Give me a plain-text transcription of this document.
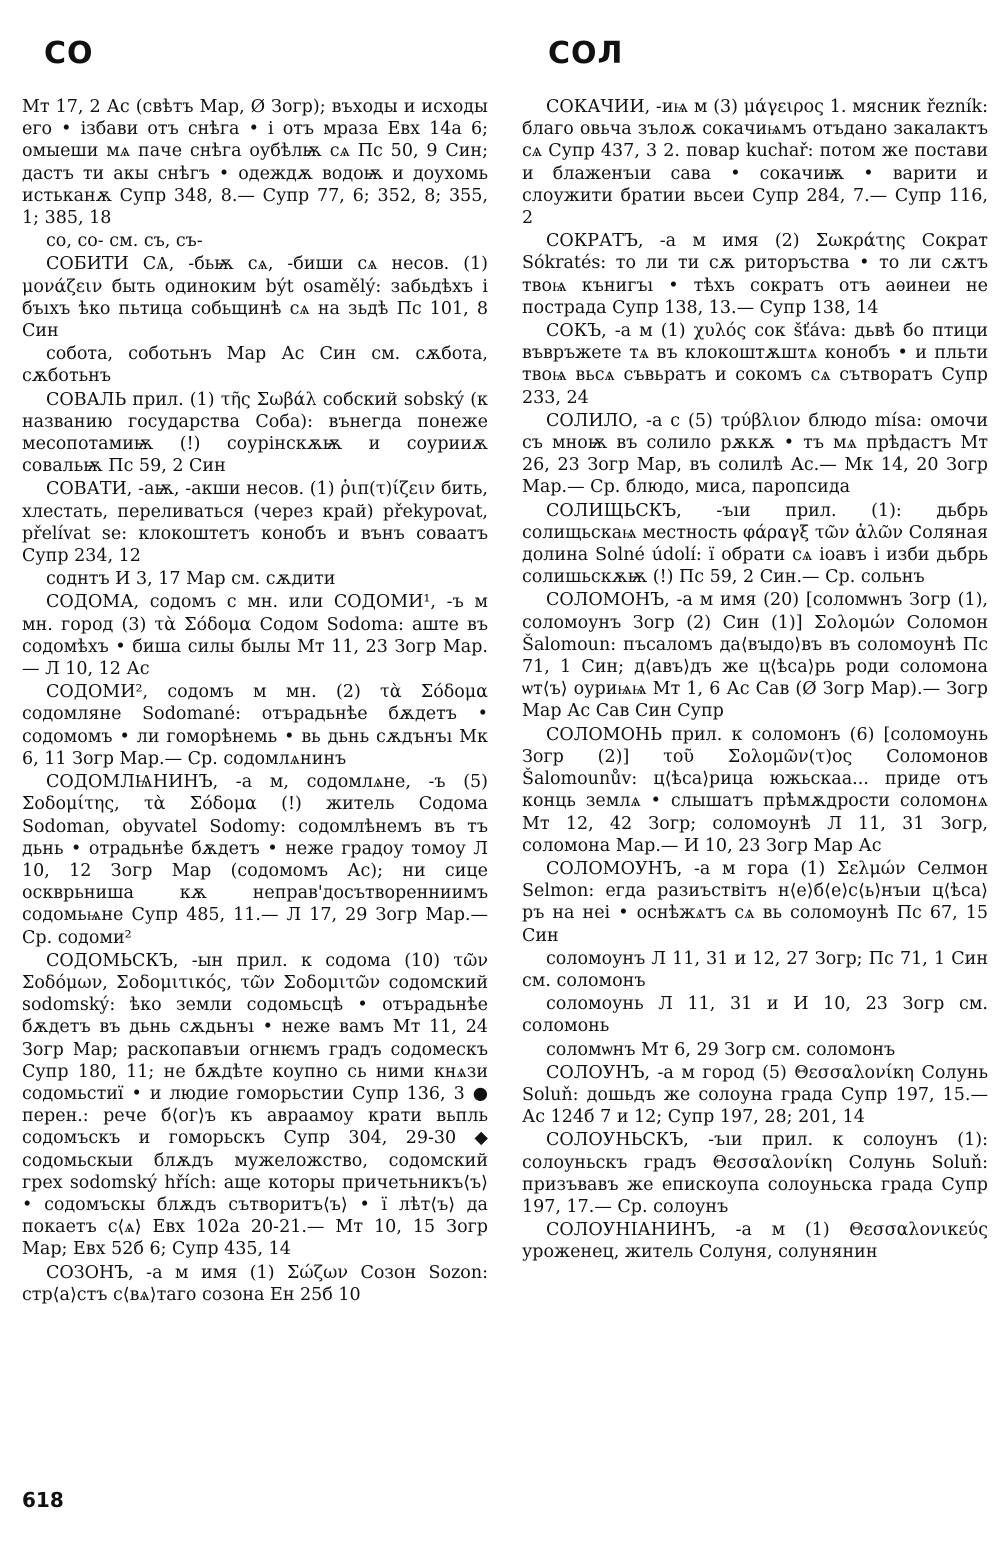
СО	СОЛ

Мт 17, 2 Ас (свѣтъ Мар, Ø Зогр); въходы и исходы его • ізбави отъ снѣга • і отъ мраза Евх 14а 6; омыеши мѧ паче снѣга оубѣлѭ сѧ Пс 50, 9 Син; дастъ ти акы снѣгъ • одеждѫ водоѭ и доухомь истьканѫ Супр 348, 8.— Супр 77, 6; 352, 8; 355, 1; 385, 18

со, со- см. съ, съ-

СОБИТИ СѦ, -бьѭ сѧ, -биши сѧ несов. (1) μονάζειν быть одиноким být osamělý: забьдѣхъ і бъıхъ ѣко пьтица собьщинѣ сѧ на зьдѣ Пс 101, 8 Син

собота, соботьнъ Мар Ас Син см. сѫбота, сѫботьнъ

СОВАЛЬ прил. (1) τῆς Σωβάλ собский sobský (к названию государства Соба): вънегда понеже месопотамиѭ (!) соурінскѫѭ и соурииѫ совальѭ Пс 59, 2 Син

СОВАТИ, -аѭ, -акши несов. (1) ῥιπ(τ)ίζειν бить, хлестать, переливаться (через край) překypovat, přelívat se: клокоштетъ конобъ и вънъ соваатъ Супр 234, 12

соднтъ И 3, 17 Мар см. сѫдити

СОДОМА, содомъ с мн. или СОДОМИ¹, -ъ м мн. город (3) τὰ Σόδομα Содом Sodoma: аште въ содомѣхъ • биша силы былы Мт 11, 23 Зогр Мар.— Л 10, 12 Ас

СОДОМИ², содомъ м мн. (2) τὰ Σόδομα содомляне Sodomané: отърадьнѣе бѫдетъ • содомомъ • ли гоморѣнемь • вь дьнь сѫдънъı Мк 6, 11 Зогр Мар.— Ср. содомлѧнинъ

СОДОМЛѨНИНЪ, -а м, содомлѧне, -ъ (5) Σοδομίτης, τὰ Σόδομα (!) житель Содома Sodoman, obyvatel Sodomy: содомлѣнемъ въ тъ дьнь • отрадьнѣе бѫдетъ • неже градоу томоу Л 10, 12 Зогр Мар (содомомъ Ас); ни сице оскврьниша кѫ неправ'досътворенниимъ содомьѩне Супр 485, 11.— Л 17, 29 Зогр Мар.— Ср. содоми²

СОДОМЬСКЪ, -ын прил. к содома (10) τῶν Σοδόμων, Σοδομιτικός, τῶν Σοδομιτῶν содомский sodomský: ѣко земли содомьсцѣ • отърадьнѣе бѫдетъ въ дьнь сѫдьнъı • неже вамъ Мт 11, 24 Зогр Мар; раскопавъıи огнѥмъ градъ содомескъ Супр 180, 11; не бѫдѣте коупно сь ними кнѧзи содомьстиї • и людие гоморьстии Супр 136, 3 ● перен.: рече б⟨ог⟩ъ къ авраамоу крати вьпль содомъскъ и гоморьскъ Супр 304, 29-30 ◆ содомьскыи блѫдъ мужеложство, содомский грех sodomský hřích: аще которы причетьникъ⟨ъ⟩ • содомъскы блѫдъ сътворитъ⟨ъ⟩ • ї лѣт⟨ъ⟩ да покаетъ с⟨ѧ⟩ Евх 102а 20-21.— Мт 10, 15 Зогр Мар; Евх 52б 6; Супр 435, 14

СОЗОНЪ, -а м имя (1) Σώζων Созон Sozon: стр⟨а⟩стъ с⟨вѧ⟩таго созона Ен 25б 10

СОКАЧИИ, -иѩ м (3) μάγειρος 1. мясник řezník: благо овьча зълоѫ сокачиѩмъ отъдано закалактъ сѧ Супр 437, 3 2. повар kuchař: потом же постави и блаженъıи сава • сокачиѭ • варити и слоужити братии вьсеи Супр 284, 7.— Супр 116, 2

СОКРАТЪ, -а м имя (2) Σωκράτης Сократ Sókratés: то ли ти сѫ риторъства • то ли сѫтъ твоѩ кънигъı • тѣхъ сократъ отъ аѳинеи не пострада Супр 138, 13.— Супр 138, 14

СОКЪ, -а м (1) χυλός сок šťáva: дьвѣ бо птици въвръжете тѧ въ клокоштѫштѧ конобъ • и пльти твоѩ вьсѧ съвьратъ и сокомъ сѧ сътворатъ Супр 233, 24

СОЛИЛО, -а с (5) τρύβλιον блюдо mísa: омочи съ мноѭ въ солило рѫкѫ • тъ мѧ прѣдастъ Мт 26, 23 Зогр Мар, въ солилѣ Ас.— Мк 14, 20 Зогр Мар.— Ср. блюдо, миса, паропсида

СОЛИЩЬСКЪ, -ъıи прил. (1): дьбрь солищьскаѩ местность φάραγξ τῶν ἁλῶν Соляная долина Solné údolí: ї обрати сѧ іоавъ і изби дьбрь солишьскѫѭ (!) Пс 59, 2 Син.— Ср. сольнъ

СОЛОМОНЪ, -а м имя (20) [соломѡнъ Зогр (1), соломоунъ Зогр (2) Син (1)] Σολομών Соломон Šalomoun: пъсаломъ да⟨вꙑдо⟩въ въ соломоунѣ Пс 71, 1 Син; д⟨авъ⟩дъ же ц⟨ѣса⟩рь роди соломона ѡт⟨ъ⟩ оуриѩѩ Мт 1, 6 Ас Сав (Ø Зогр Мар).— Зогр Мар Ас Сав Син Супр

СОЛОМОНЬ прил. к соломонъ (6) [соломоунь Зогр (2)] τοῦ Σολομῶν(τ)ος Соломонов Šalomounův: ц⟨ѣса⟩рица южьскаа... приде отъ конць землѧ • слышатъ прѣмѫдрости соломонѧ Мт 12, 42 Зогр; соломоунѣ Л 11, 31 Зогр, соломона Мар.— И 10, 23 Зогр Мар Ас

СОЛОМОУНЪ, -а м гора (1) Σελμών Селмон Selmon: егда разиъствітъ н⟨е⟩б⟨е⟩с⟨ь⟩нъıи ц⟨ѣса⟩ръ на неі • оснѣжѧтъ сѧ вь соломоунѣ Пс 67, 15 Син

соломоунъ Л 11, 31 и 12, 27 Зогр; Пс 71, 1 Син см. соломонъ

соломоунь Л 11, 31 и И 10, 23 Зогр см. соломонь

соломѡнъ Мт 6, 29 Зогр см. соломонъ

СОЛОУНЪ, -а м город (5) Θεσσαλονίκη Солунь Soluň: дошьдъ же солоуна града Супр 197, 15.— Ас 124б 7 и 12; Супр 197, 28; 201, 14

СОЛОУНЬСКЪ, -ъıи прил. к солоунъ (1): солоуньскъ градъ Θεσσαλονίκη Солунь Soluň: призъвавъ же епискоупа солоуньска града Супр 197, 17.— Ср. солоунъ

СОЛОУНІАНИНЪ, -а м (1) Θεσσαλονικεύς уроженец, житель Солуня, солунянин

618
